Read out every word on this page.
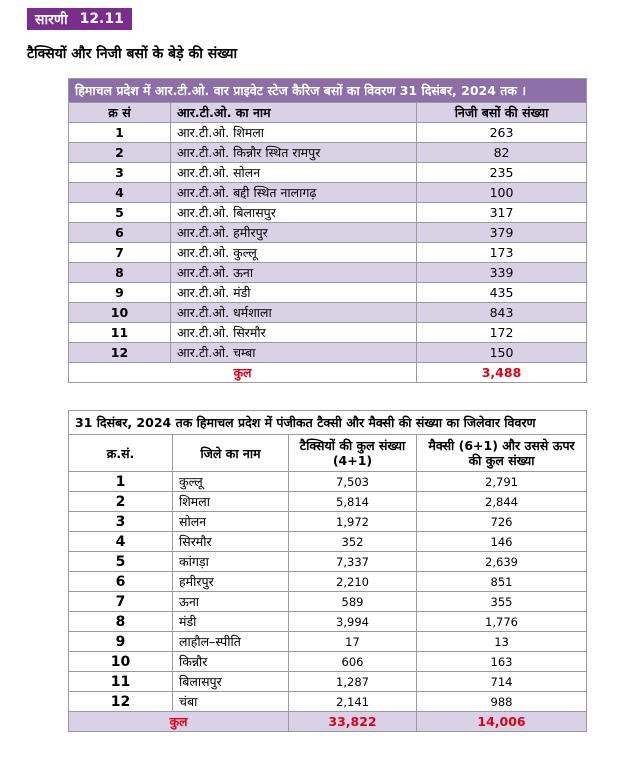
सारणी 12.11
टैक्सियों और निजी बसों के बेड़े की संख्या
हिमाचल प्रदेश में आर.टी.ओ. वार प्राइवेट स्टेज कैरिज बसों का विवरण 31 दिसंबर, 2024 तक ।		
क्र सं	आर.टी.ओ. का नाम	निजी बसों की संख्या
1	आर.टी.ओ. शिमला	263
2	आर.टी.ओ. किन्नौर स्थित रामपुर	82
3	आर.टी.ओ. सोलन	235
4	आर.टी.ओ. बद्दी स्थित नालागढ़	100
5	आर.टी.ओ. बिलासपुर	317
6	आर.टी.ओ. हमीरपुर	379
7	आर.टी.ओ. कुल्लू	173
8	आर.टी.ओ. ऊना	339
9	आर.टी.ओ. मंडी	435
10	आर.टी.ओ. धर्मशाला	843
11	आर.टी.ओ. सिरमौर	172
12	आर.टी.ओ. चम्बा	150
कुल		3,488
31 दिसंबर, 2024 तक हिमाचल प्रदेश में पंजीकत टैक्सी और मैक्सी की संख्या का जिलेवार विवरण			
क्र.सं.	जिले का नाम	टैक्सियों की कुल संख्या (4+1)	मैक्सी (6+1) और उससे ऊपर की कुल संख्या
1	कुल्लू	7,503	2,791
2	शिमला	5,814	2,844
3	सोलन	1,972	726
4	सिरमौर	352	146
5	कांगड़ा	7,337	2,639
6	हमीरपुर	2,210	851
7	ऊना	589	355
8	मंडी	3,994	1,776
9	लाहौल–स्पीति	17	13
10	किन्नौर	606	163
11	बिलासपुर	1,287	714
12	चंबा	2,141	988
कुल		33,822	14,006
